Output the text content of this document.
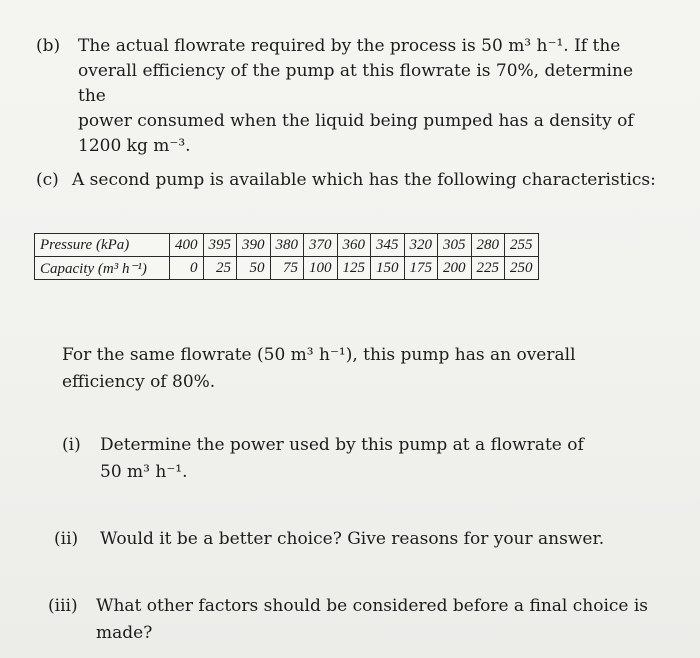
(b) The actual flowrate required by the process is 50 m³ h⁻¹. If the
overall efficiency of the pump at this flowrate is 70%, determine the
power consumed when the liquid being pumped has a density of
1200 kg m⁻³.
(c) A second pump is available which has the following characteristics:
Pressure (kPa)	400	395	390	380	370	360	345	320	305	280	255
Capacity (m³ h⁻¹)	0	25	50	75	100	125	150	175	200	225	250
For the same flowrate (50 m³ h⁻¹), this pump has an overall
efficiency of 80%.
(i) Determine the power used by this pump at a flowrate of
50 m³ h⁻¹.
(ii) Would it be a better choice? Give reasons for your answer.
(iii) What other factors should be considered before a final choice is
made?
